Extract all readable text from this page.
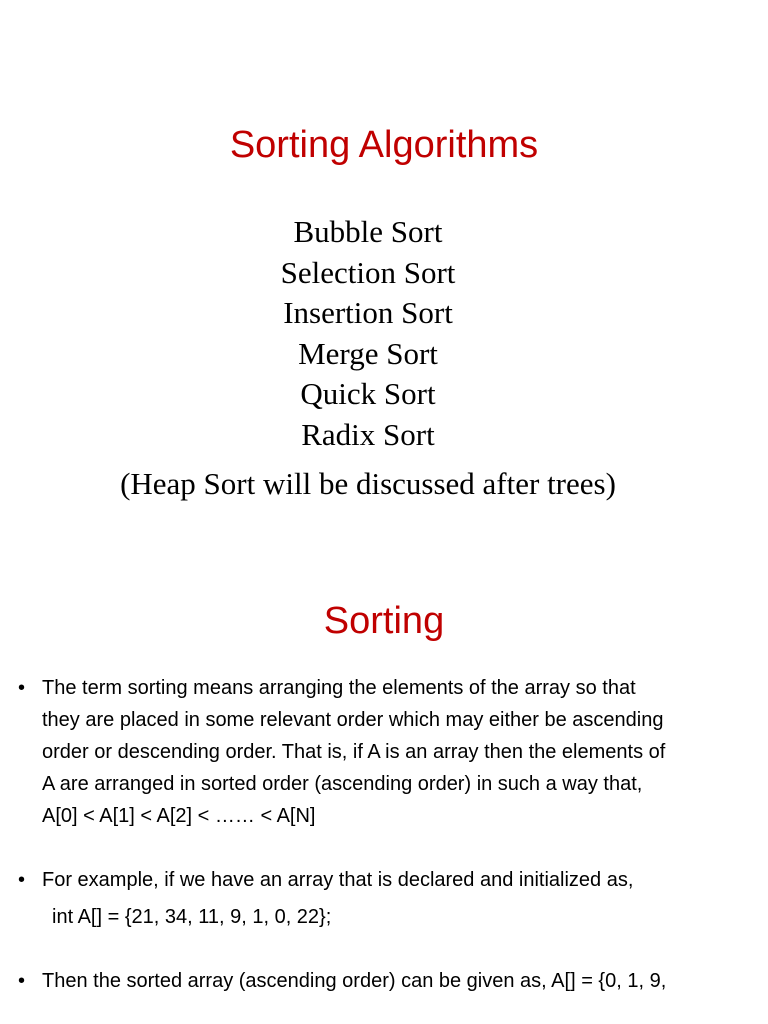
Sorting Algorithms
Bubble Sort
Selection Sort
Insertion Sort
Merge Sort
Quick Sort
Radix Sort
(Heap Sort will be discussed after trees)
Sorting
• The term sorting means arranging the elements of the array so that

they are placed in some relevant order which may either be ascending

order or descending order. That is, if A is an array then the elements of

A are arranged in sorted order (ascending order) in such a way that,

A[0] < A[1] < A[2] < …… < A[N]

• For example, if we have an array that is declared and initialized as,

int A[] = {21, 34, 11, 9, 1, 0, 22};

• Then the sorted array (ascending order) can be given as, A[] = {0, 1, 9,
